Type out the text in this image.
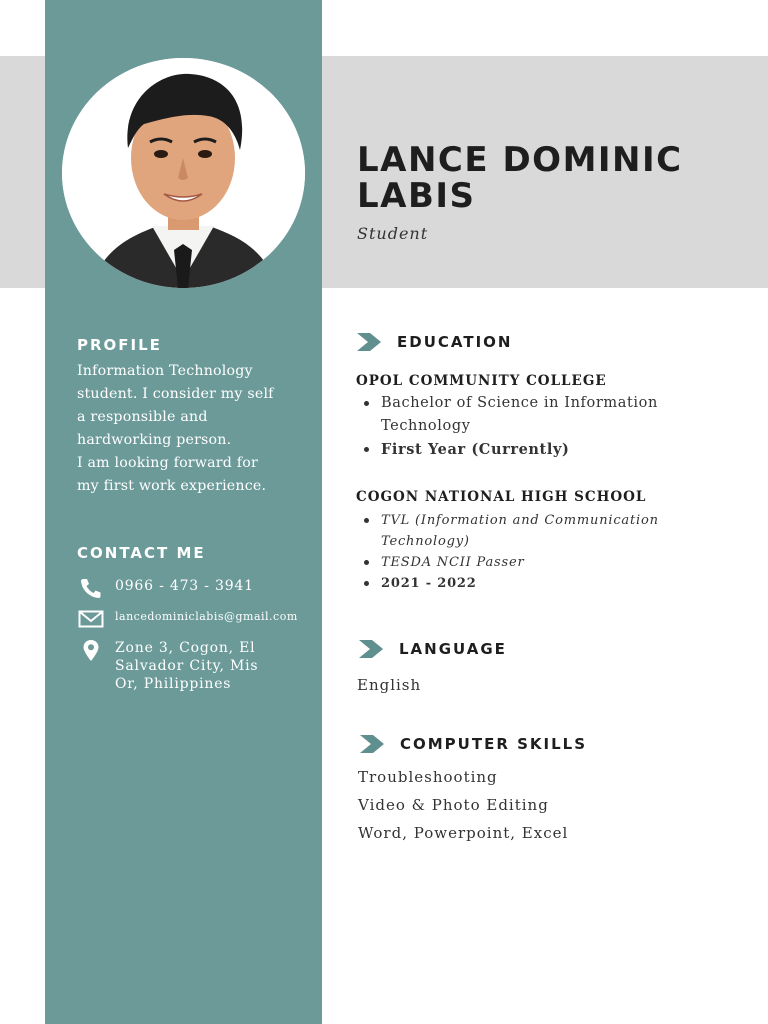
LANCE DOMINIC
LABIS
Student
PROFILE
Information Technology
student. I consider my self
a responsible and
hardworking person.
I am looking forward for
my first work experience.
CONTACT ME
0966 - 473 - 3941
lancedominiclabis@gmail.com
Zone 3, Cogon, El
Salvador City, Mis
Or, Philippines
EDUCATION
OPOL COMMUNITY COLLEGE
Bachelor of Science in Information
Technology
First Year (Currently)
COGON NATIONAL HIGH SCHOOL
TVL (Information and Communication
Technology)
TESDA NCII Passer
2021 - 2022
LANGUAGE
English
COMPUTER SKILLS
Troubleshooting
Video & Photo Editing
Word, Powerpoint, Excel
